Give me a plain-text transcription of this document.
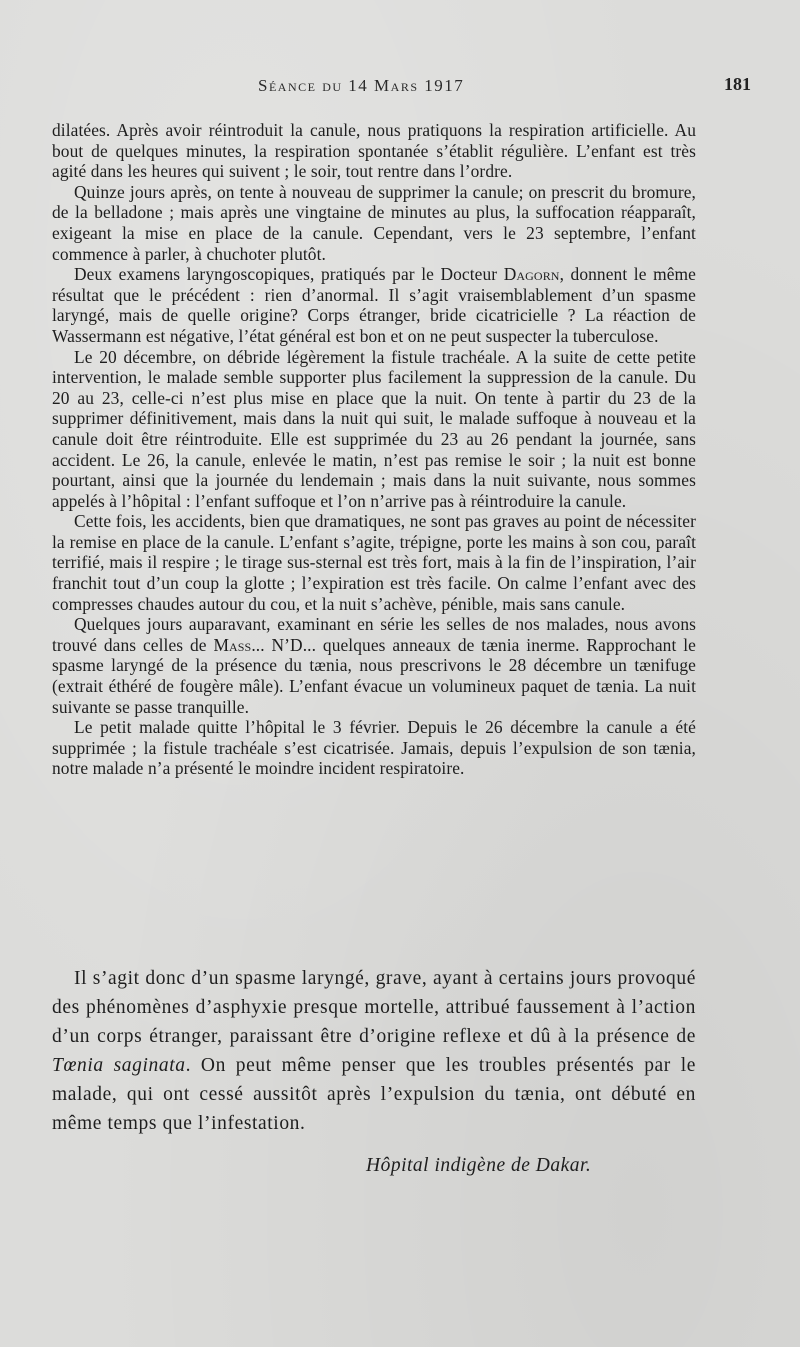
Séance du 14 Mars 1917	181

dilatées. Après avoir réintroduit la canule, nous pratiquons la respiration artificielle. Au bout de quelques minutes, la respiration spontanée s’établit régulière. L’enfant est très agité dans les heures qui suivent ; le soir, tout rentre dans l’ordre.

Quinze jours après, on tente à nouveau de supprimer la canule; on prescrit du bromure, de la belladone ; mais après une vingtaine de minutes au plus, la suffocation réapparaît, exigeant la mise en place de la canule. Cependant, vers le 23 septembre, l’enfant commence à parler, à chuchoter plutôt.

Deux examens laryngoscopiques, pratiqués par le Docteur Dagorn, donnent le même résultat que le précédent : rien d’anormal. Il s’agit vraisemblablement d’un spasme laryngé, mais de quelle origine? Corps étranger, bride cicatricielle ? La réaction de Wassermann est négative, l’état général est bon et on ne peut suspecter la tuberculose.

Le 20 décembre, on débride légèrement la fistule trachéale. A la suite de cette petite intervention, le malade semble supporter plus facilement la suppression de la canule. Du 20 au 23, celle-ci n’est plus mise en place que la nuit. On tente à partir du 23 de la supprimer définitivement, mais dans la nuit qui suit, le malade suffoque à nouveau et la canule doit être réintroduite. Elle est supprimée du 23 au 26 pendant la journée, sans accident. Le 26, la canule, enlevée le matin, n’est pas remise le soir ; la nuit est bonne pourtant, ainsi que la journée du lendemain ; mais dans la nuit suivante, nous sommes appelés à l’hôpital : l’enfant suffoque et l’on n’arrive pas à réintroduire la canule.

Cette fois, les accidents, bien que dramatiques, ne sont pas graves au point de nécessiter la remise en place de la canule. L’enfant s’agite, trépigne, porte les mains à son cou, paraît terrifié, mais il respire ; le tirage sus-sternal est très fort, mais à la fin de l’inspiration, l’air franchit tout d’un coup la glotte ; l’expiration est très facile. On calme l’enfant avec des compresses chaudes autour du cou, et la nuit s’achève, pénible, mais sans canule.

Quelques jours auparavant, examinant en série les selles de nos malades, nous avons trouvé dans celles de Mass... N’D... quelques anneaux de tænia inerme. Rapprochant le spasme laryngé de la présence du tænia, nous prescrivons le 28 décembre un tænifuge (extrait éthéré de fougère mâle). L’enfant évacue un volumineux paquet de tænia. La nuit suivante se passe tranquille.

Le petit malade quitte l’hôpital le 3 février. Depuis le 26 décembre la canule a été supprimée ; la fistule trachéale s’est cicatrisée. Jamais, depuis l’expulsion de son tænia, notre malade n’a présenté le moindre incident respiratoire.

Il s’agit donc d’un spasme laryngé, grave, ayant à certains jours provoqué des phénomènes d’asphyxie presque mortelle, attribué faussement à l’action d’un corps étranger, paraissant être d’origine reflexe et dû à la présence de Tœnia saginata. On peut même penser que les troubles présentés par le malade, qui ont cessé aussitôt après l’expulsion du tænia, ont débuté en même temps que l’infestation.

Hôpital indigène de Dakar.
